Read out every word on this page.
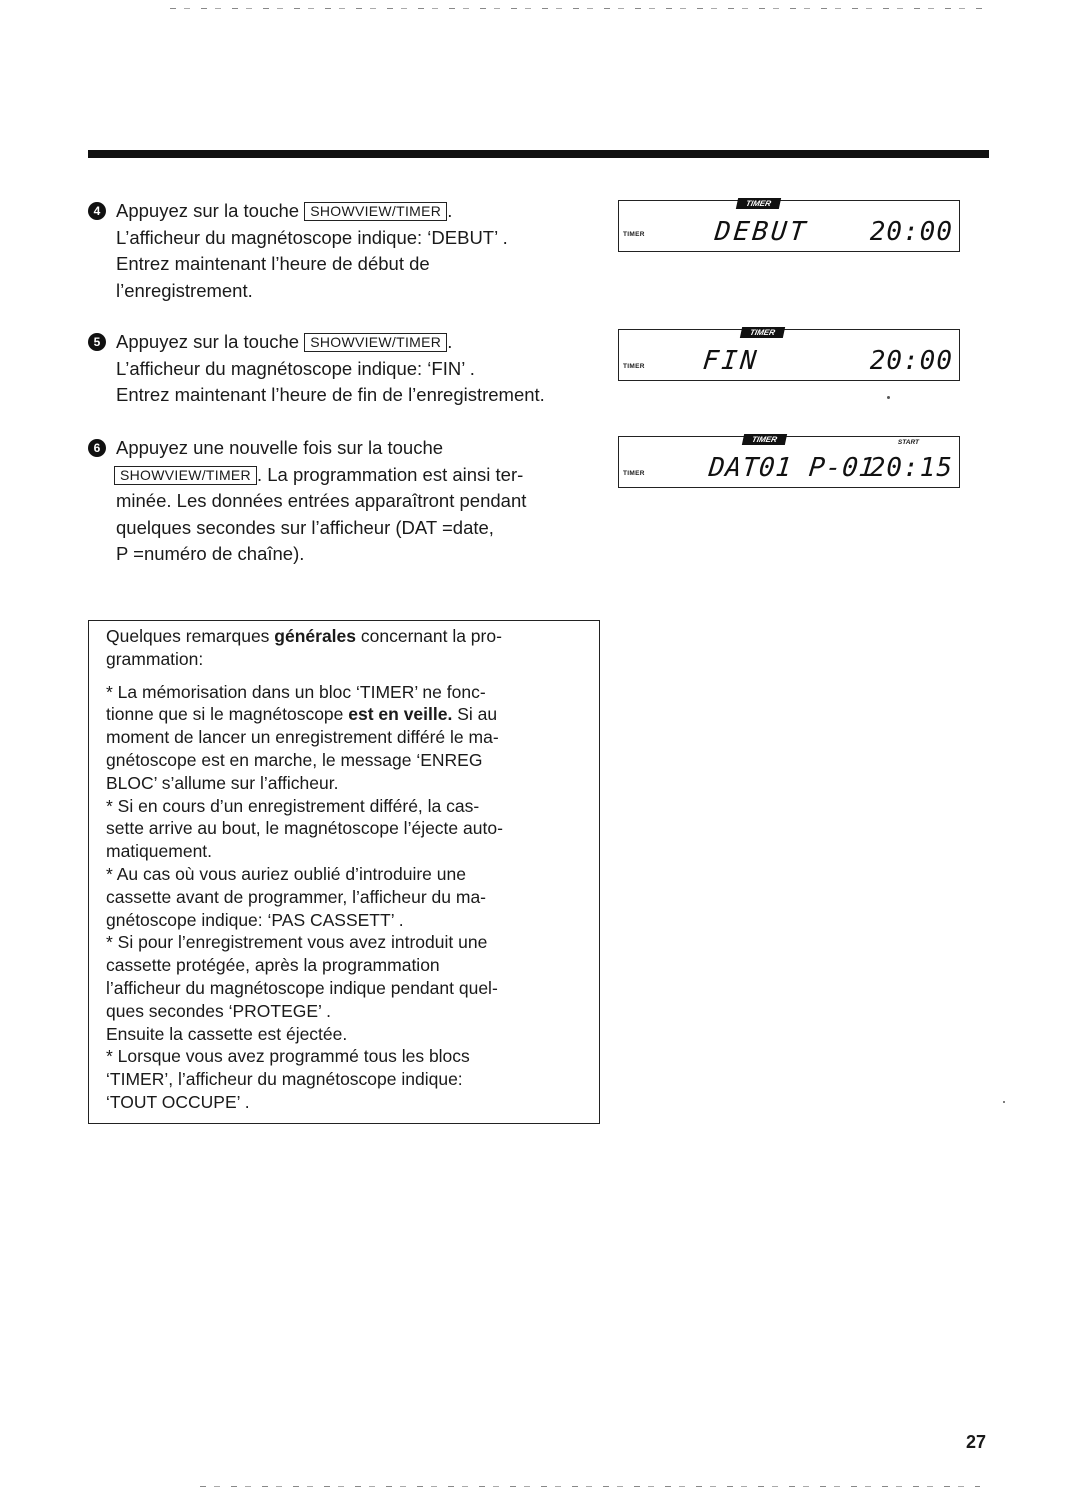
4 Appuyez sur la touche SHOWVIEW/TIMER .

L’afficheur du magnétoscope indique: ‘DEBUT’ .

Entrez maintenant l’heure de début de

l’enregistrement.

5 Appuyez sur la touche SHOWVIEW/TIMER .

L’afficheur du magnétoscope indique: ‘FIN’ .

Entrez maintenant l’heure de fin de l’enregistrement.

6 Appuyez une nouvelle fois sur la touche

SHOWVIEW/TIMER . La programmation est ainsi ter-

minée. Les données entrées apparaîtront pendant

quelques secondes sur l’afficheur (DAT =date,

P =numéro de chaîne).

TIMER
TIMER	DEBUT 20:00
TIMER
TIMER FIN	20:00
TIMER	START
TIMER DAT01 P-01
20:15

Quelques remarques générales concernant la pro-

grammation:

* La mémorisation dans un bloc ‘TIMER’ ne fonc-

tionne que si le magnétoscope est en veille. Si au

moment de lancer un enregistrement différé le ma-

gnétoscope est en marche, le message ‘ENREG

BLOC’ s’allume sur l’afficheur.

* Si en cours d’un enregistrement différé, la cas-

sette arrive au bout, le magnétoscope l’éjecte auto-

matiquement.

* Au cas où vous auriez oublié d’introduire une

cassette avant de programmer, l’afficheur du ma-

gnétoscope indique: ‘PAS CASSETT’ .

* Si pour l’enregistrement vous avez introduit une

cassette protégée, après la programmation

l’afficheur du magnétoscope indique pendant quel-

ques secondes ‘PROTEGE’ .

Ensuite la cassette est éjectée.

* Lorsque vous avez programmé tous les blocs

‘TIMER’, l’afficheur du magnétoscope indique:

‘TOUT OCCUPE’ .

27
